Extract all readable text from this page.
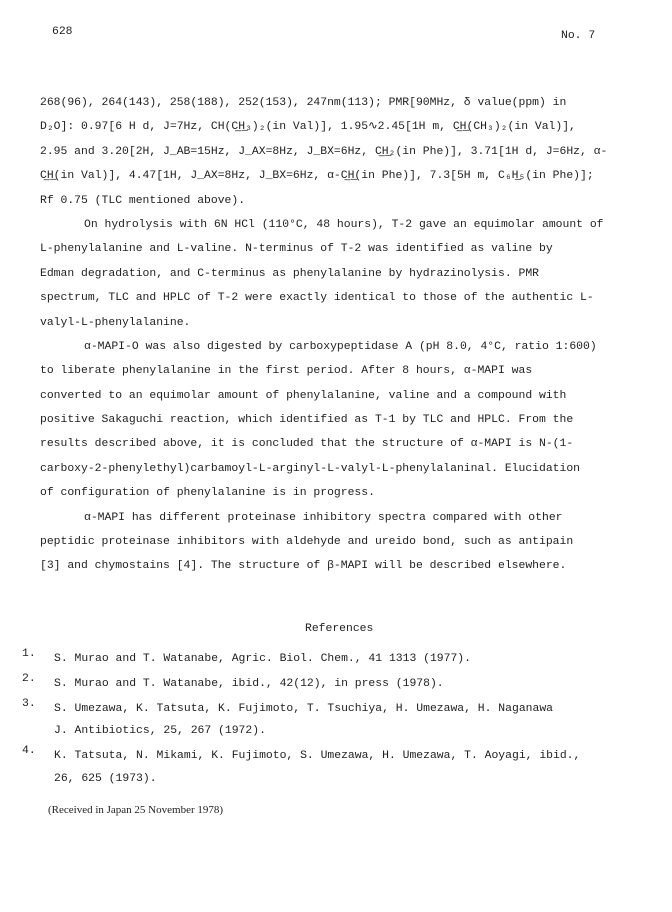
628	No. 7
268(96), 264(143), 258(188), 252(153), 247nm(113); PMR[90MHz, δ value(ppm) in
D₂O]: 0.97[6 H d, J=7Hz, CH(C͟H͟₃)₂(in Val)], 1.95∿2.45[1H m, C͟H͟(CH₃)₂(in Val)],
2.95 and 3.20[2H, J_AB=15Hz, J_AX=8Hz, J_BX=6Hz, C͟H͟₂(in Phe)], 3.71[1H d, J=6Hz, α-
C͟H͟(in Val)], 4.47[1H, J_AX=8Hz, J_BX=6Hz, α-C͟H͟(in Phe)], 7.3[5H m, C₆H͟₅(in Phe)];
Rf 0.75 (TLC mentioned above).
On hydrolysis with 6N HCl (110°C, 48 hours), T-2 gave an equimolar amount of
L-phenylalanine and L-valine. N-terminus of T-2 was identified as valine by
Edman degradation, and C-terminus as phenylalanine by hydrazinolysis. PMR
spectrum, TLC and HPLC of T-2 were exactly identical to those of the authentic L-
valyl-L-phenylalanine.
α-MAPI-O was also digested by carboxypeptidase A (pH 8.0, 4°C, ratio 1:600)
to liberate phenylalanine in the first period. After 8 hours, α-MAPI was
converted to an equimolar amount of phenylalanine, valine and a compound with
positive Sakaguchi reaction, which identified as T-1 by TLC and HPLC. From the
results described above, it is concluded that the structure of α-MAPI is N-(1-
carboxy-2-phenylethyl)carbamoyl-L-arginyl-L-valyl-L-phenylalaninal. Elucidation
of configuration of phenylalanine is in progress.
α-MAPI has different proteinase inhibitory spectra compared with other
peptidic proteinase inhibitors with aldehyde and ureido bond, such as antipain
[3] and chymostains [4]. The structure of β-MAPI will be described elsewhere.
References
1.	S. Murao and T. Watanabe, Agric. Biol. Chem., 41 1313 (1977).
2.	S. Murao and T. Watanabe, ibid., 42(12), in press (1978).
3.	S. Umezawa, K. Tatsuta, K. Fujimoto, T. Tsuchiya, H. Umezawa, H. Naganawa
J. Antibiotics, 25, 267 (1972).
4.	K. Tatsuta, N. Mikami, K. Fujimoto, S. Umezawa, H. Umezawa, T. Aoyagi, ibid.,
26, 625 (1973).
(Received in Japan 25 November 1978)
